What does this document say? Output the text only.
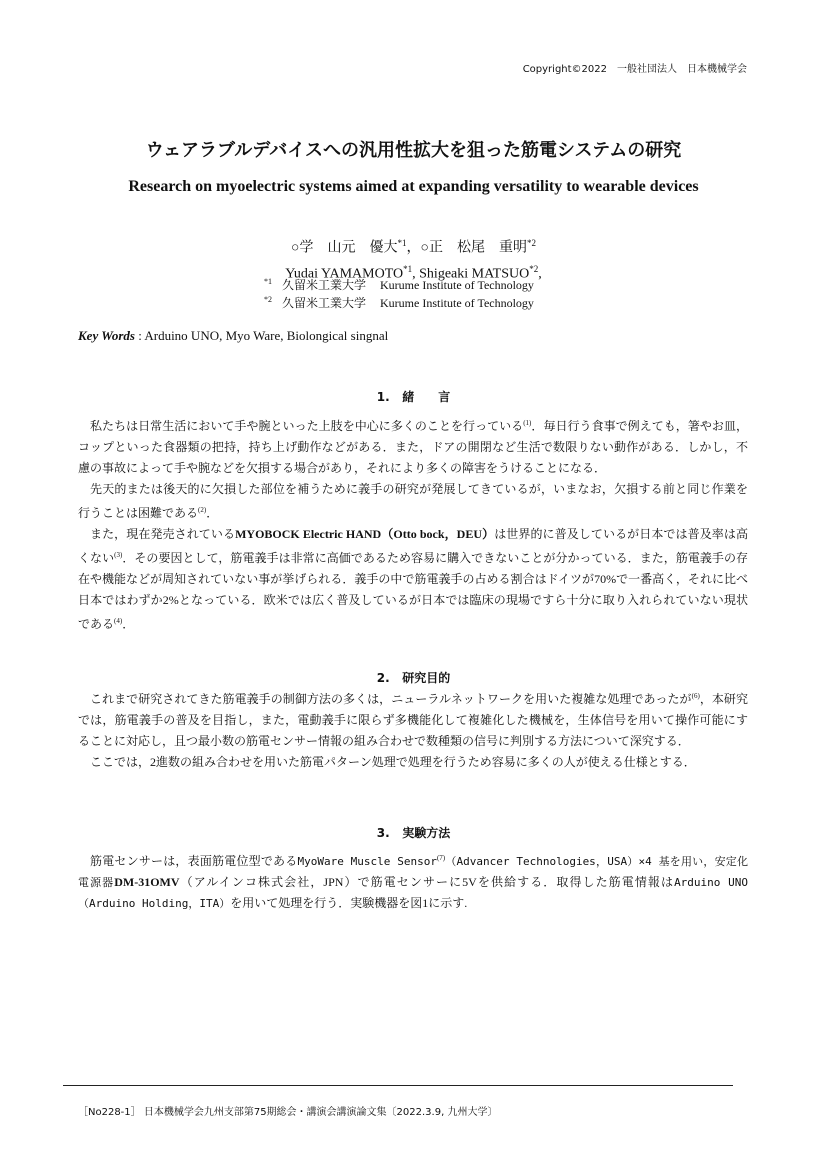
Copyright©2022　一般社団法人　日本機械学会
ウェアラブルデバイスへの汎用性拡大を狙った筋電システムの研究
Research on myoelectric systems aimed at expanding versatility to wearable devices
○学　山元　優大$^{*1}$，○正　松尾　重明$^{*2}$
Yudai YAMAMOTO$^{*1}$, Shigeaki MATSUO$^{*2}$,
$^{*1}$ 久留米工業大学 Kurume Institute of Technology
$^{*2}$ 久留米工業大学 Kurume Institute of Technology
Key Words : Arduino UNO, Myo Ware, Biolongical singnal
1. 緒　　言

私たちは日常生活において手や腕といった上肢を中心に多くのことを行っている$^{(1)}$．毎日行う食事で例えても，箸やお皿，コップといった食器類の把持，持ち上げ動作などがある．また，ドアの開閉など生活で数限りない動作がある．しかし，不慮の事故によって手や腕などを欠損する場合があり，それにより多くの障害をうけることになる．

先天的または後天的に欠損した部位を補うために義手の研究が発展してきているが，いまなお，欠損する前と同じ作業を行うことは困難である$^{(2)}$．

また，現在発売されているMYOBOCK Electric HAND（Otto bock，DEU）は世界的に普及しているが日本では普及率は高くない$^{(3)}$．その要因として，筋電義手は非常に高価であるため容易に購入できないことが分かっている．また，筋電義手の存在や機能などが周知されていない事が挙げられる．義手の中で筋電義手の占める割合はドイツが70%で一番高く，それに比べ日本ではわずか2%となっている．欧米では広く普及しているが日本では臨床の現場ですら十分に取り入れられていない現状である$^{(4)}$．

2. 研究目的

これまで研究されてきた筋電義手の制御方法の多くは，ニューラルネットワークを用いた複雑な処理であったが$^{(6)}$，本研究では，筋電義手の普及を目指し，また，電動義手に限らず多機能化して複雑化した機械を，生体信号を用いて操作可能にすることに対応し，且つ最小数の筋電センサー情報の組み合わせで数種類の信号に判別する方法について深究する．

ここでは，2進数の組み合わせを用いた筋電パターン処理で処理を行うため容易に多くの人が使える仕様とする．

3. 実験方法

筋電センサーは，表面筋電位型であるMyoWare Muscle Sensor$^{(7)}$（Advancer Technologies，USA）×4 基を用い，安定化電源器DM-31OMV（アルインコ株式会社，JPN）で筋電センサーに5Vを供給する．取得した筋電情報はArduino UNO（Arduino Holding，ITA）を用いて処理を行う．実験機器を図1に示す.

［No228-1］ 日本機械学会九州支部第75期総会・講演会講演論文集〔2022.3.9, 九州大学〕
